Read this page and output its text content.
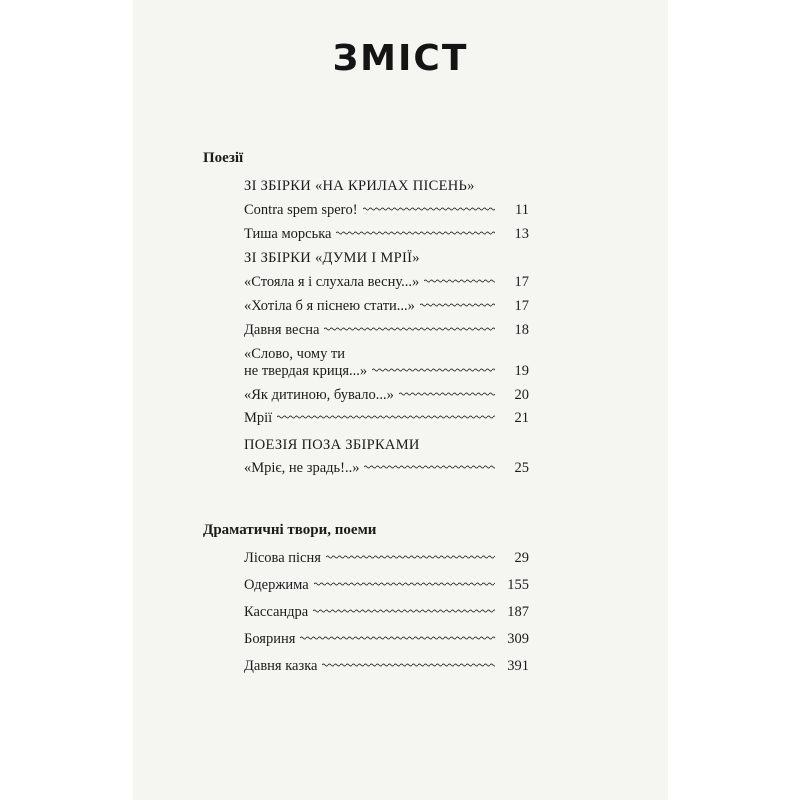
ЗМІСТ
Поезії
ЗІ ЗБІРКИ «НА КРИЛАХ ПІСЕНЬ»
Contra spem spero!	11
Тиша морська	13
ЗІ ЗБІРКИ «ДУМИ І МРІЇ»
«Стояла я і слухала весну...»	17
«Хотіла б я піснею стати...»	17
Давня весна	18
«Слово, чому ти
не твердая криця...»	19
«Як дитиною, бувало...»	20
Мрії	21
ПОЕЗІЯ ПОЗА ЗБІРКАМИ
«Мріє, не зрадь!..»	25
Драматичні твори, поеми
Лісова пісня	29
Одержима	155
Кассандра	187
Бояриня	309
Давня казка	391
